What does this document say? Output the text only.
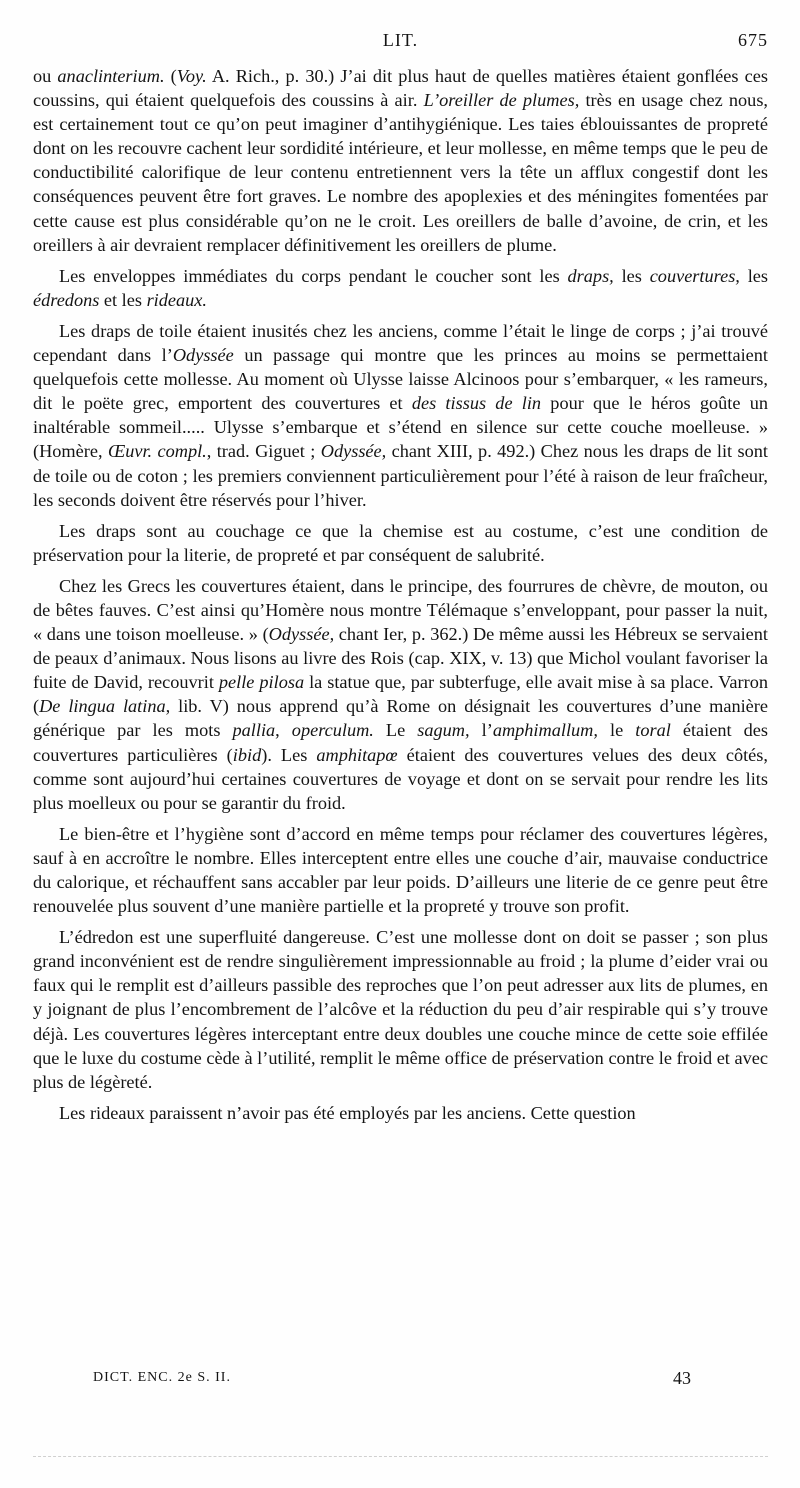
LIT.	675

ou anaclinterium. (Voy. A. Rich., p. 30.) J’ai dit plus haut de quelles matières étaient gonflées ces coussins, qui étaient quelquefois des coussins à air. L’oreiller de plumes, très en usage chez nous, est certainement tout ce qu’on peut imaginer d’antihygiénique. Les taies éblouissantes de propreté dont on les recouvre cachent leur sordidité intérieure, et leur mollesse, en même temps que le peu de conductibilité calorifique de leur contenu entretiennent vers la tête un afflux congestif dont les conséquences peuvent être fort graves. Le nombre des apoplexies et des méningites fomentées par cette cause est plus considérable qu’on ne le croit. Les oreillers de balle d’avoine, de crin, et les oreillers à air devraient remplacer définitivement les oreillers de plume.

Les enveloppes immédiates du corps pendant le coucher sont les draps, les couvertures, les édredons et les rideaux.

Les draps de toile étaient inusités chez les anciens, comme l’était le linge de corps ; j’ai trouvé cependant dans l’Odyssée un passage qui montre que les princes au moins se permettaient quelquefois cette mollesse. Au moment où Ulysse laisse Alcinoos pour s’embarquer, « les rameurs, dit le poëte grec, emportent des couvertures et des tissus de lin pour que le héros goûte un inaltérable sommeil..... Ulysse s’embarque et s’étend en silence sur cette couche moelleuse. » (Homère, Œuvr. compl., trad. Giguet ; Odyssée, chant XIII, p. 492.) Chez nous les draps de lit sont de toile ou de coton ; les premiers conviennent particulièrement pour l’été à raison de leur fraîcheur, les seconds doivent être réservés pour l’hiver.

Les draps sont au couchage ce que la chemise est au costume, c’est une condition de préservation pour la literie, de propreté et par conséquent de salubrité.

Chez les Grecs les couvertures étaient, dans le principe, des fourrures de chèvre, de mouton, ou de bêtes fauves. C’est ainsi qu’Homère nous montre Télémaque s’enveloppant, pour passer la nuit, « dans une toison moelleuse. » (Odyssée, chant Ier, p. 362.) De même aussi les Hébreux se servaient de peaux d’animaux. Nous lisons au livre des Rois (cap. XIX, v. 13) que Michol voulant favoriser la fuite de David, recouvrit pelle pilosa la statue que, par subterfuge, elle avait mise à sa place. Varron (De lingua latina, lib. V) nous apprend qu’à Rome on désignait les couvertures d’une manière générique par les mots pallia, operculum. Le sagum, l’amphimallum, le toral étaient des couvertures particulières (ibid). Les amphitapœ étaient des couvertures velues des deux côtés, comme sont aujourd’hui certaines couvertures de voyage et dont on se servait pour rendre les lits plus moelleux ou pour se garantir du froid.

Le bien-être et l’hygiène sont d’accord en même temps pour réclamer des couvertures légères, sauf à en accroître le nombre. Elles interceptent entre elles une couche d’air, mauvaise conductrice du calorique, et réchauffent sans accabler par leur poids. D’ailleurs une literie de ce genre peut être renouvelée plus souvent d’une manière partielle et la propreté y trouve son profit.

L’édredon est une superfluité dangereuse. C’est une mollesse dont on doit se passer ; son plus grand inconvénient est de rendre singulièrement impressionnable au froid ; la plume d’eider vrai ou faux qui le remplit est d’ailleurs passible des reproches que l’on peut adresser aux lits de plumes, en y joignant de plus l’encombrement de l’alcôve et la réduction du peu d’air respirable qui s’y trouve déjà. Les couvertures légères interceptant entre deux doubles une couche mince de cette soie effilée que le luxe du costume cède à l’utilité, remplit le même office de préservation contre le froid et avec plus de légèreté.

Les rideaux paraissent n’avoir pas été employés par les anciens. Cette question

DICT. ENC. 2e S. II.	43
